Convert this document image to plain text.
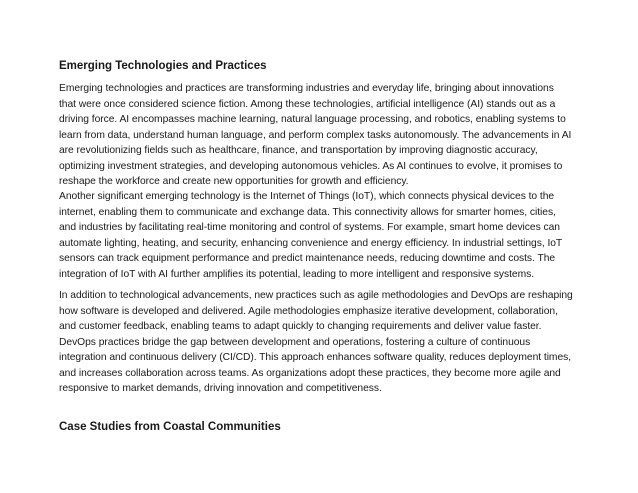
Emerging Technologies and Practices
Emerging technologies and practices are transforming industries and everyday life, bringing about innovations
that were once considered science fiction. Among these technologies, artificial intelligence (AI) stands out as a
driving force. AI encompasses machine learning, natural language processing, and robotics, enabling systems to
learn from data, understand human language, and perform complex tasks autonomously. The advancements in AI
are revolutionizing fields such as healthcare, finance, and transportation by improving diagnostic accuracy,
optimizing investment strategies, and developing autonomous vehicles. As AI continues to evolve, it promises to
reshape the workforce and create new opportunities for growth and efficiency.
Another significant emerging technology is the Internet of Things (IoT), which connects physical devices to the
internet, enabling them to communicate and exchange data. This connectivity allows for smarter homes, cities,
and industries by facilitating real-time monitoring and control of systems. For example, smart home devices can
automate lighting, heating, and security, enhancing convenience and energy efficiency. In industrial settings, IoT
sensors can track equipment performance and predict maintenance needs, reducing downtime and costs. The
integration of IoT with AI further amplifies its potential, leading to more intelligent and responsive systems.
In addition to technological advancements, new practices such as agile methodologies and DevOps are reshaping
how software is developed and delivered. Agile methodologies emphasize iterative development, collaboration,
and customer feedback, enabling teams to adapt quickly to changing requirements and deliver value faster.
DevOps practices bridge the gap between development and operations, fostering a culture of continuous
integration and continuous delivery (CI/CD). This approach enhances software quality, reduces deployment times,
and increases collaboration across teams. As organizations adopt these practices, they become more agile and
responsive to market demands, driving innovation and competitiveness.
Case Studies from Coastal Communities
